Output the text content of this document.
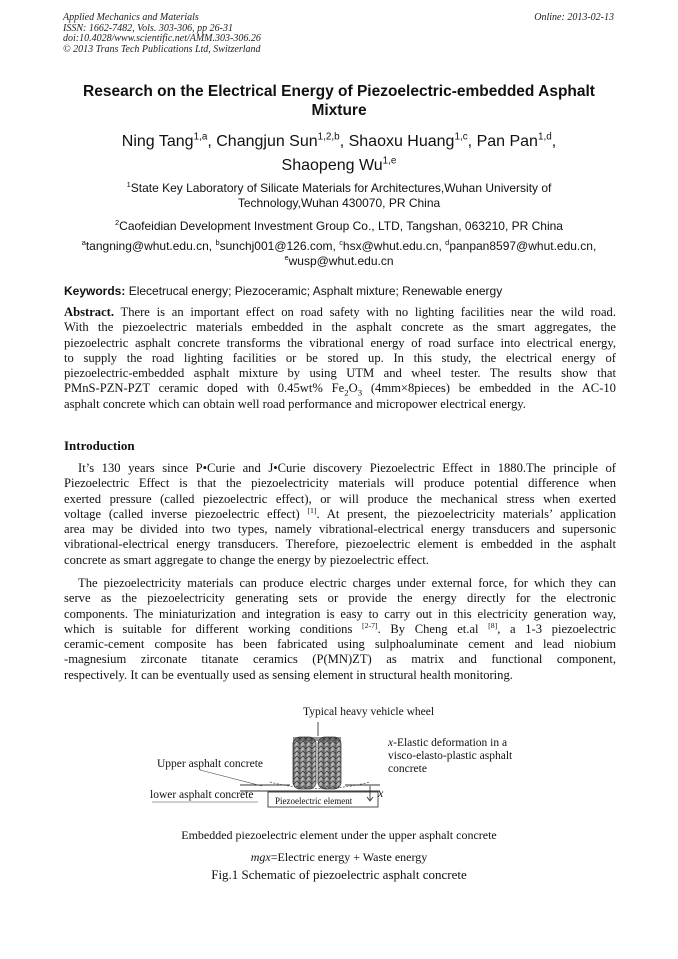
Applied Mechanics and Materials
ISSN: 1662-7482, Vols. 303-306, pp 26-31
doi:10.4028/www.scientific.net/AMM.303-306.26
© 2013 Trans Tech Publications Ltd, Switzerland
Online: 2013-02-13
Research on the Electrical Energy of Piezoelectric-embedded Asphalt
Mixture
Ning Tang$^{1,a}$, Changjun Sun$^{1,2,b}$, Shaoxu Huang$^{1,c}$, Pan Pan$^{1,d}$,
Shaopeng Wu$^{1,e}$
$^1$State Key Laboratory of Silicate Materials for Architectures,Wuhan University of
Technology,Wuhan 430070, PR China
$^2$Caofeidian Development Investment Group Co., LTD, Tangshan, 063210, PR China
$^a$tangning@whut.edu.cn, $^b$sunchj001@126.com, $^c$hsx@whut.edu.cn, $^d$panpan8597@whut.edu.cn,
$^e$wusp@whut.edu.cn
Keywords: Elecetrucal energy; Piezoceramic; Asphalt mixture; Renewable energy
Abstract. There is an important effect on road safety with no lighting facilities near the wild road.
With the piezoelectric materials embedded in the asphalt concrete as the smart aggregates, the
piezoelectric asphalt concrete transforms the vibrational energy of road surface into electrical energy,
to supply the road lighting facilities or be stored up. In this study, the electrical energy of
piezoelectric-embedded asphalt mixture by using UTM and wheel tester. The results show that
PMnS-PZN-PZT ceramic doped with 0.45wt% $Fe_2O_3$ (4mm×8pieces) be embedded in the AC-10
asphalt concrete which can obtain well road performance and micropower electrical energy.
Introduction
It’s 130 years since P•Curie and J•Curie discovery Piezoelectric Effect in 1880.The principle of
Piezoelectric Effect is that the piezoelectricity materials will produce potential difference when
exerted pressure (called piezoelectric effect), or will produce the mechanical stress when exerted
voltage (called inverse piezoelectric effect) [1]. At present, the piezoelectricity materials’ application
area may be divided into two types, namely vibrational-electrical energy transducers and supersonic
vibrational-electrical energy transducers. Therefore, piezoelectric element is embedded in the asphalt
concrete as smart aggregate to change the energy by piezoelectric effect.
The piezoelectricity materials can produce electric charges under external force, for which they can
serve as the piezoelectricity generating sets or provide the energy directly for the electronic
components. The miniaturization and integration is easy to carry out in this electricity generation way,
which is suitable for different working conditions [2-7]. By Cheng et.al [8], a 1-3 piezoelectric
ceramic-cement composite has been fabricated using sulphoaluminate cement and lead niobium
-magnesium zirconate titanate ceramics (P(MN)ZT) as matrix and functional component,
respectively. It can be eventually used as sensing element in structural health monitoring.
Typical heavy vehicle wheel
x-Elastic deformation in a
visco-elasto-plastic asphalt
concrete
Upper asphalt concrete
lower asphalt concrete Piezoelectric element
x
Embedded piezoelectric element under the upper asphalt concrete
mgx=Electric energy + Waste energy
Fig.1 Schematic of piezoelectric asphalt concrete
